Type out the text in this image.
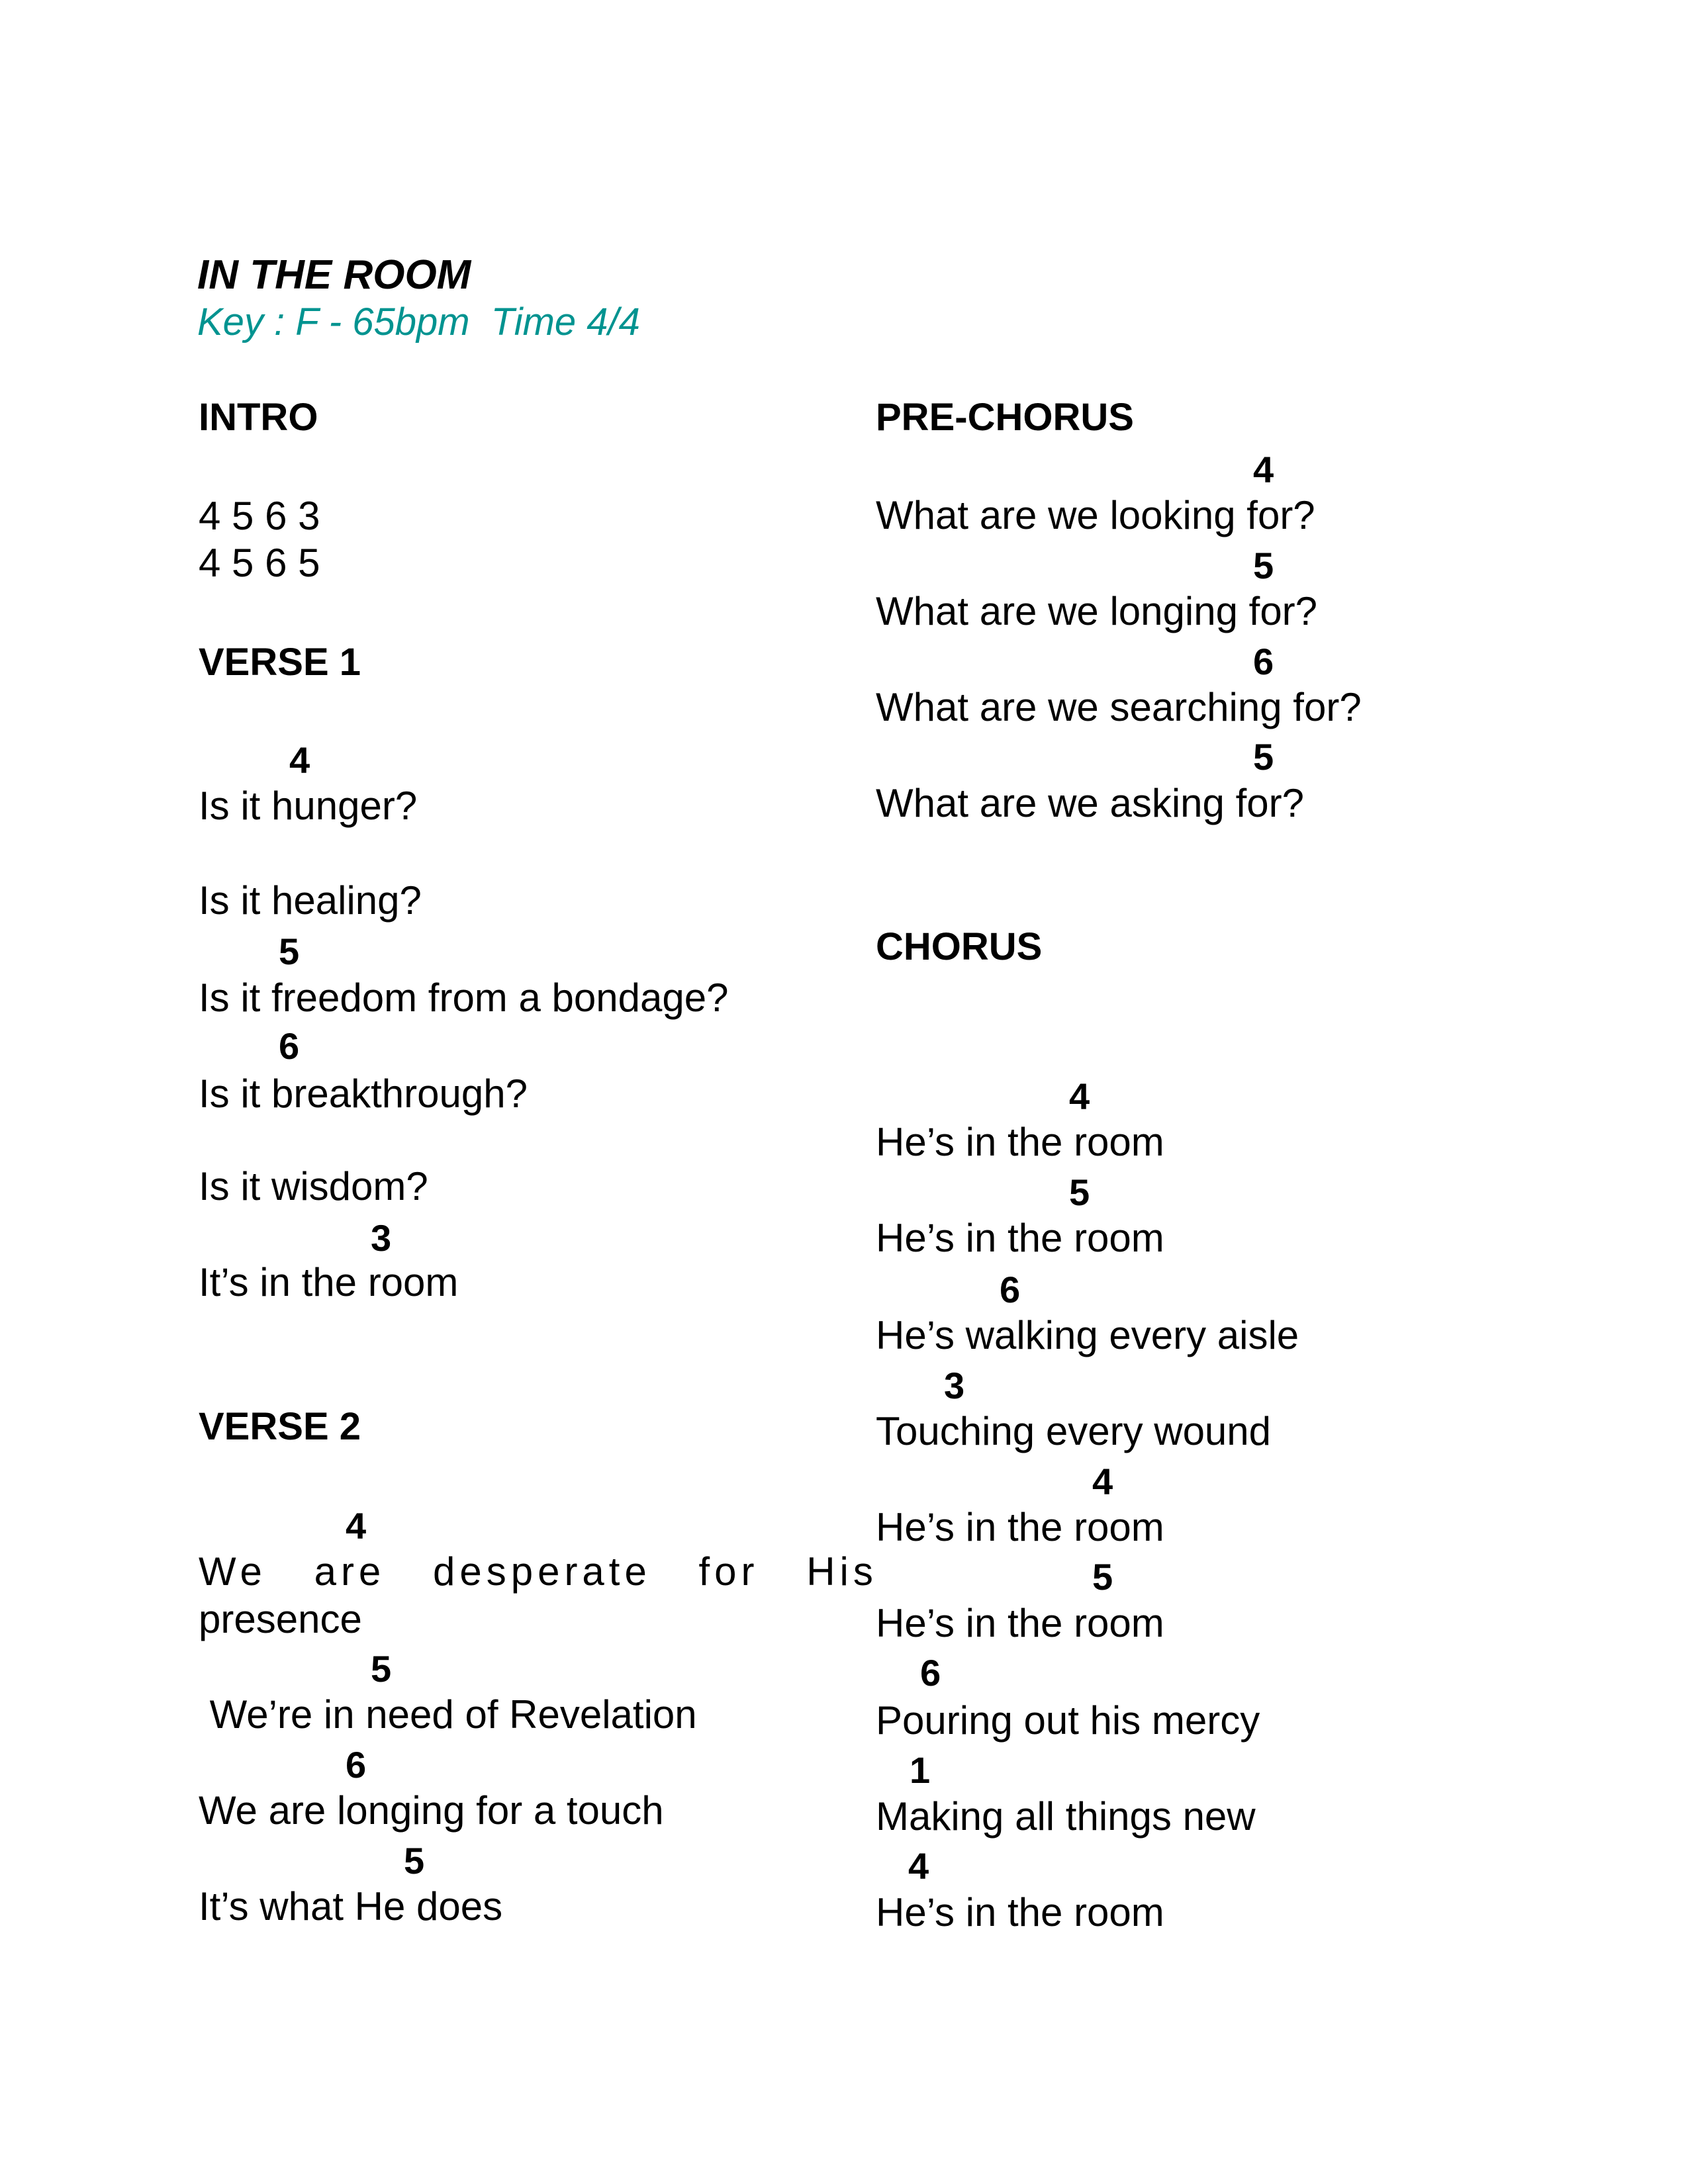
IN THE ROOM
Key : F - 65bpm  Time 4/4
INTRO
4 5 6 3
4 5 6 5
VERSE 1
4
Is it hunger?
Is it healing?
5
Is it freedom from a bondage?
6
Is it breakthrough?
Is it wisdom?
3
It’s in the room
VERSE 2
4
We are desperate for His
presence
5
We’re in need of Revelation
6
We are longing for a touch
5
It’s what He does
PRE-CHORUS
4
What are we looking for?
5
What are we longing for?
6
What are we searching for?
5
What are we asking for?
CHORUS
4
He’s in the room
5
He’s in the room
6
He’s walking every aisle
3
Touching every wound
4
He’s in the room
5
He’s in the room
6
Pouring out his mercy
1
Making all things new
4
He’s in the room
